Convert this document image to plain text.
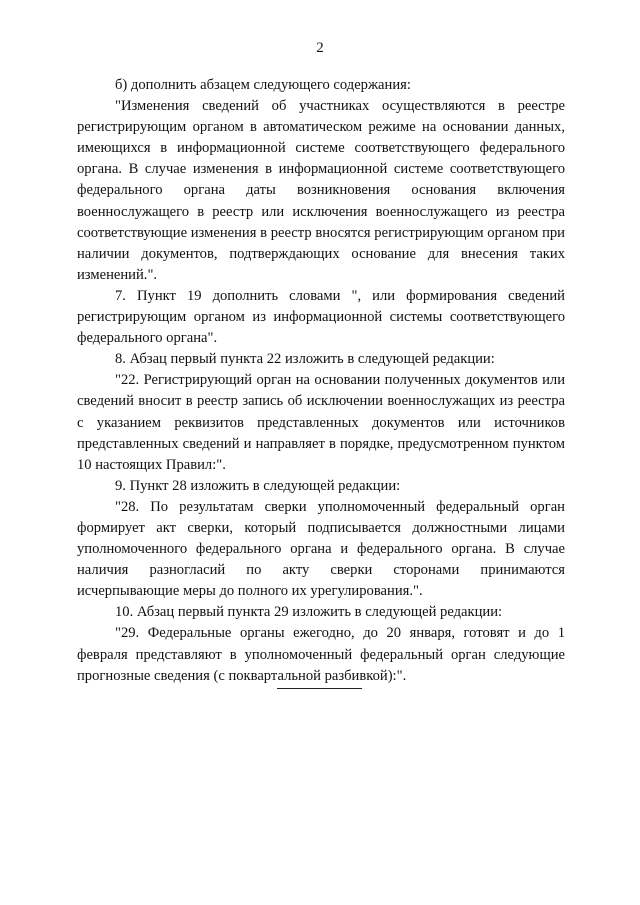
2

б) дополнить абзацем следующего содержания:

"Изменения сведений об участниках осуществляются в реестре регистрирующим органом в автоматическом режиме на основании данных, имеющихся в информационной системе соответствующего федерального органа. В случае изменения в информационной системе соответствующего федерального органа даты возникновения основания включения военнослужащего в реестр или исключения военнослужащего из реестра соответствующие изменения в реестр вносятся регистрирующим органом при наличии документов, подтверждающих основание для внесения таких изменений.".

7. Пункт 19 дополнить словами ", или формирования сведений регистрирующим органом из информационной системы соответствующего федерального органа".

8. Абзац первый пункта 22 изложить в следующей редакции:

"22. Регистрирующий орган на основании полученных документов или сведений вносит в реестр запись об исключении военнослужащих из реестра с указанием реквизитов представленных документов или источников представленных сведений и направляет в порядке, предусмотренном пунктом 10 настоящих Правил:".

9. Пункт 28 изложить в следующей редакции:

"28. По результатам сверки уполномоченный федеральный орган формирует акт сверки, который подписывается должностными лицами уполномоченного федерального органа и федерального органа. В случае наличия разногласий по акту сверки сторонами принимаются исчерпывающие меры до полного их урегулирования.".

10. Абзац первый пункта 29 изложить в следующей редакции:

"29. Федеральные органы ежегодно, до 20 января, готовят и до 1 февраля представляют в уполномоченный федеральный орган следующие прогнозные сведения (с поквартальной разбивкой):".
